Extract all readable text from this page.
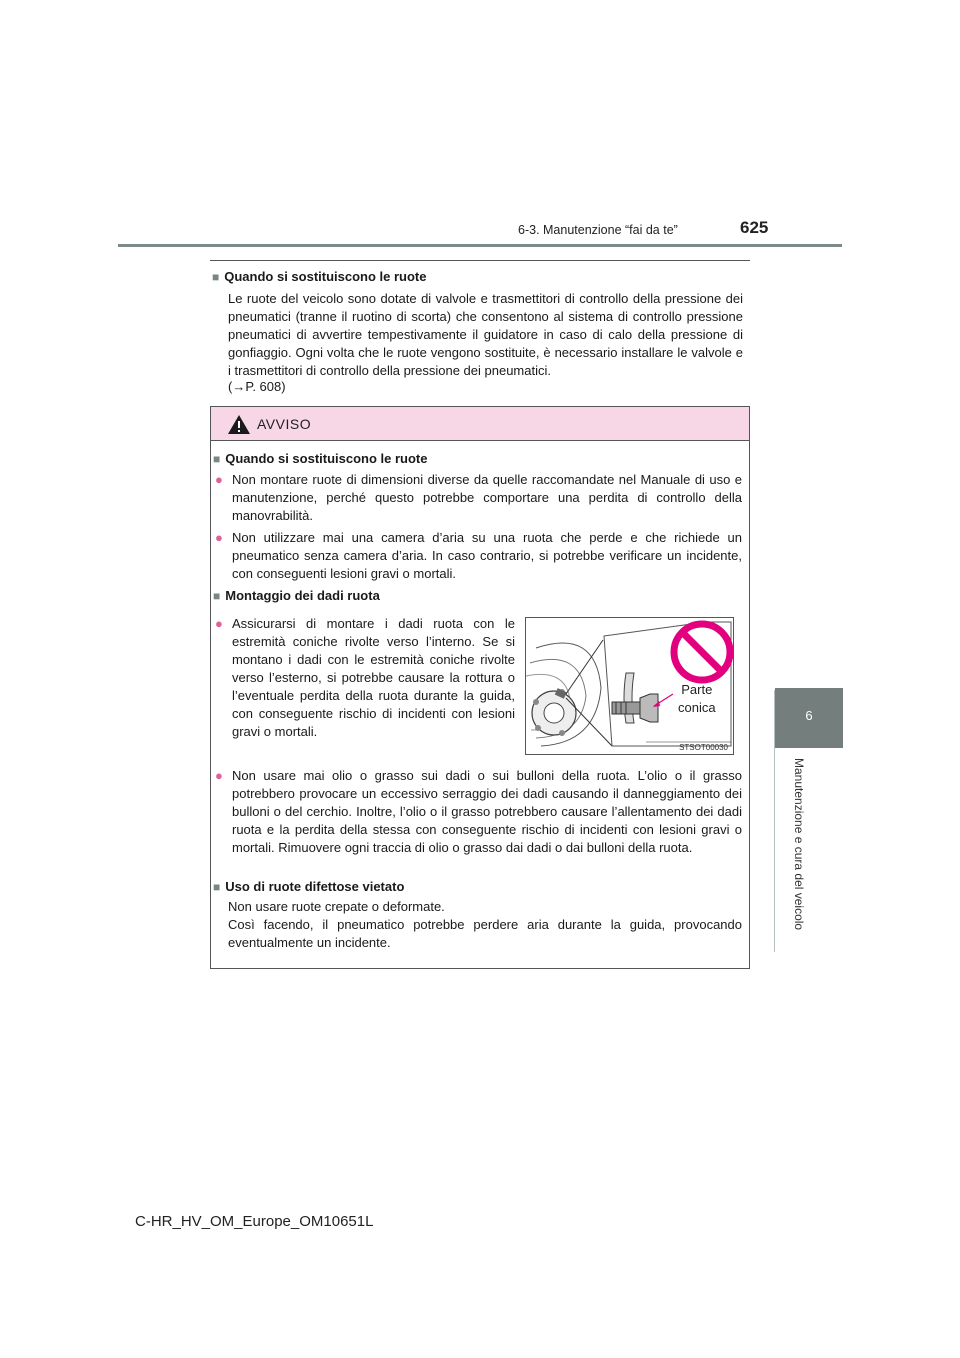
6-3. Manutenzione “fai da te”	625
6
Manutenzione e cura del veicolo
■ Quando si sostituiscono le ruote
Le ruote del veicolo sono dotate di valvole e trasmettitori di controllo della pressione dei pneumatici (tranne il ruotino di scorta) che consentono al sistema di controllo pressione pneumatici di avvertire tempestivamente il guidatore in caso di calo della pressione di gonfiaggio. Ogni volta che le ruote vengono sostituite, è necessario installare le valvole e i trasmettitori di controllo della pressione dei pneumatici.
(→P. 608)
AVVISO
■ Quando si sostituiscono le ruote
● Non montare ruote di dimensioni diverse da quelle raccomandate nel Manuale di uso e manutenzione, perché questo potrebbe comportare una perdita di controllo della manovrabilità.
● Non utilizzare mai una camera d’aria su una ruota che perde e che richiede un pneumatico senza camera d’aria. In caso contrario, si potrebbe verificare un incidente, con conseguenti lesioni gravi o mortali.
■ Montaggio dei dadi ruota
● Assicurarsi di montare i dadi ruota con le estremità coniche rivolte verso l’interno. Se si montano i dadi con le estremità coniche rivolte verso l’esterno, si potrebbe causare la rottura o l’eventuale perdita della ruota durante la guida, con conseguente rischio di incidenti con lesioni gravi o mortali.
Parte
conica
STSOT00030
● Non usare mai olio o grasso sui dadi o sui bulloni della ruota. L’olio o il grasso potrebbero provocare un eccessivo serraggio dei dadi causando il danneggiamento dei bulloni o del cerchio. Inoltre, l’olio o il grasso potrebbero causare l’allentamento dei dadi ruota e la perdita della stessa con conseguente rischio di incidenti con lesioni gravi o mortali. Rimuovere ogni traccia di olio o grasso dai dadi o dai bulloni della ruota.
■ Uso di ruote difettose vietato
Non usare ruote crepate o deformate.
Così facendo, il pneumatico potrebbe perdere aria durante la guida, provocando eventualmente un incidente.
C-HR_HV_OM_Europe_OM10651L
